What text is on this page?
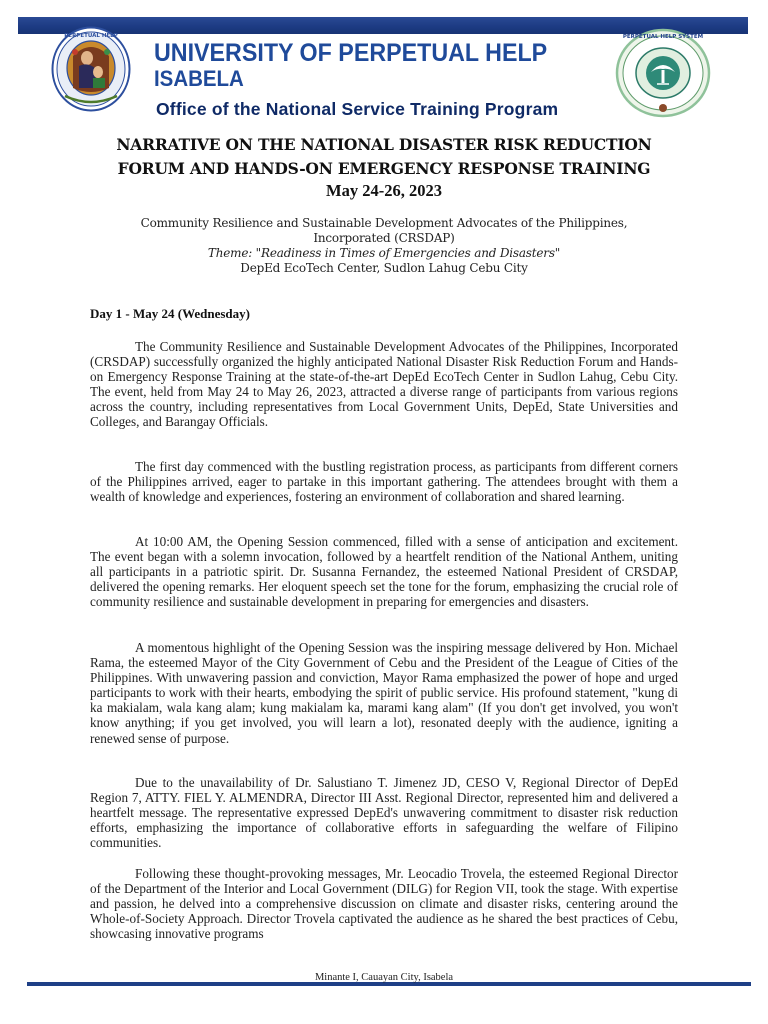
PERPETUAL HELP	PERPETUAL HELP SYSTEM
UNIVERSITY OF PERPETUAL HELP
ISABELA
Office of the National Service Training Program
NARRATIVE ON THE NATIONAL DISASTER RISK REDUCTION
FORUM AND HANDS-ON EMERGENCY RESPONSE TRAINING
May 24-26, 2023
Community Resilience and Sustainable Development Advocates of the Philippines,
Incorporated (CRSDAP)
Theme: "Readiness in Times of Emergencies and Disasters"
DepEd EcoTech Center, Sudlon Lahug Cebu City
Day 1 - May 24 (Wednesday)

The Community Resilience and Sustainable Development Advocates of the Philippines, Incorporated (CRSDAP) successfully organized the highly anticipated National Disaster Risk Reduction Forum and Hands-on Emergency Response Training at the state-of-the-art DepEd EcoTech Center in Sudlon Lahug, Cebu City. The event, held from May 24 to May 26, 2023, attracted a diverse range of participants from various regions across the country, including representatives from Local Government Units, DepEd, State Universities and Colleges, and Barangay Officials.

The first day commenced with the bustling registration process, as participants from different corners of the Philippines arrived, eager to partake in this important gathering. The attendees brought with them a wealth of knowledge and experiences, fostering an environment of collaboration and shared learning.

At 10:00 AM, the Opening Session commenced, filled with a sense of anticipation and excitement. The event began with a solemn invocation, followed by a heartfelt rendition of the National Anthem, uniting all participants in a patriotic spirit. Dr. Susanna Fernandez, the esteemed National President of CRSDAP, delivered the opening remarks. Her eloquent speech set the tone for the forum, emphasizing the crucial role of community resilience and sustainable development in preparing for emergencies and disasters.

A momentous highlight of the Opening Session was the inspiring message delivered by Hon. Michael Rama, the esteemed Mayor of the City Government of Cebu and the President of the League of Cities of the Philippines. With unwavering passion and conviction, Mayor Rama emphasized the power of hope and urged participants to work with their hearts, embodying the spirit of public service. His profound statement, "kung di ka makialam, wala kang alam; kung makialam ka, marami kang alam" (If you don't get involved, you won't know anything; if you get involved, you will learn a lot), resonated deeply with the audience, igniting a renewed sense of purpose.

Due to the unavailability of Dr. Salustiano T. Jimenez JD, CESO V, Regional Director of DepEd Region 7, ATTY. FIEL Y. ALMENDRA, Director III Asst. Regional Director, represented him and delivered a heartfelt message. The representative expressed DepEd's unwavering commitment to disaster risk reduction efforts, emphasizing the importance of collaborative efforts in safeguarding the welfare of Filipino communities.

Following these thought-provoking messages, Mr. Leocadio Trovela, the esteemed Regional Director of the Department of the Interior and Local Government (DILG) for Region VII, took the stage. With expertise and passion, he delved into a comprehensive discussion on climate and disaster risks, centering around the Whole-of-Society Approach. Director Trovela captivated the audience as he shared the best practices of Cebu, showcasing innovative programs

Minante I, Cauayan City, Isabela
